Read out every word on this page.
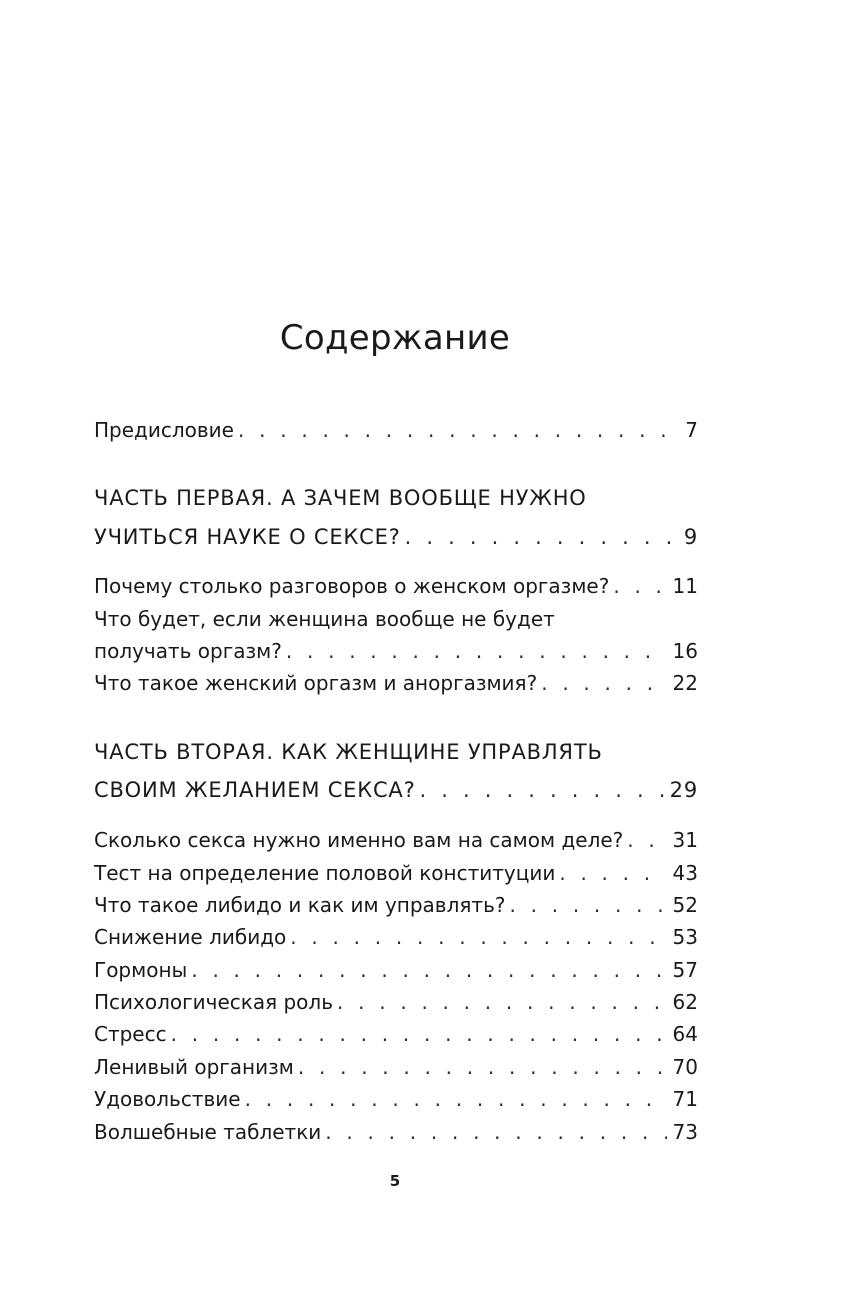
Содержание
Предисловие . . .	7
ЧАСТЬ ПЕРВАЯ. А ЗАЧЕМ ВООБЩЕ НУЖНО
УЧИТЬСЯ НАУКЕ О СЕКСЕ? . . .	9
Почему столько разговоров о женском оргазме? . . .	11
Что будет, если женщина вообще не будет
получать оргазм? . . .	16
Что такое женский оргазм и аноргазмия? . . .	22
ЧАСТЬ ВТОРАЯ. КАК ЖЕНЩИНЕ УПРАВЛЯТЬ
СВОИМ ЖЕЛАНИЕМ СЕКСА? . . .	29
Сколько секса нужно именно вам на самом деле? . . . 31
Тест на определение половой конституции . . .	43
Что такое либидо и как им управлять? . . .	52
Снижение либидо . . .	53
Гормоны . . .	57
Психологическая роль . . .	62
Стресс . . .	64
Ленивый организм . . .	70
Удовольствие . . .	71
Волшебные таблетки . . .	73
5
